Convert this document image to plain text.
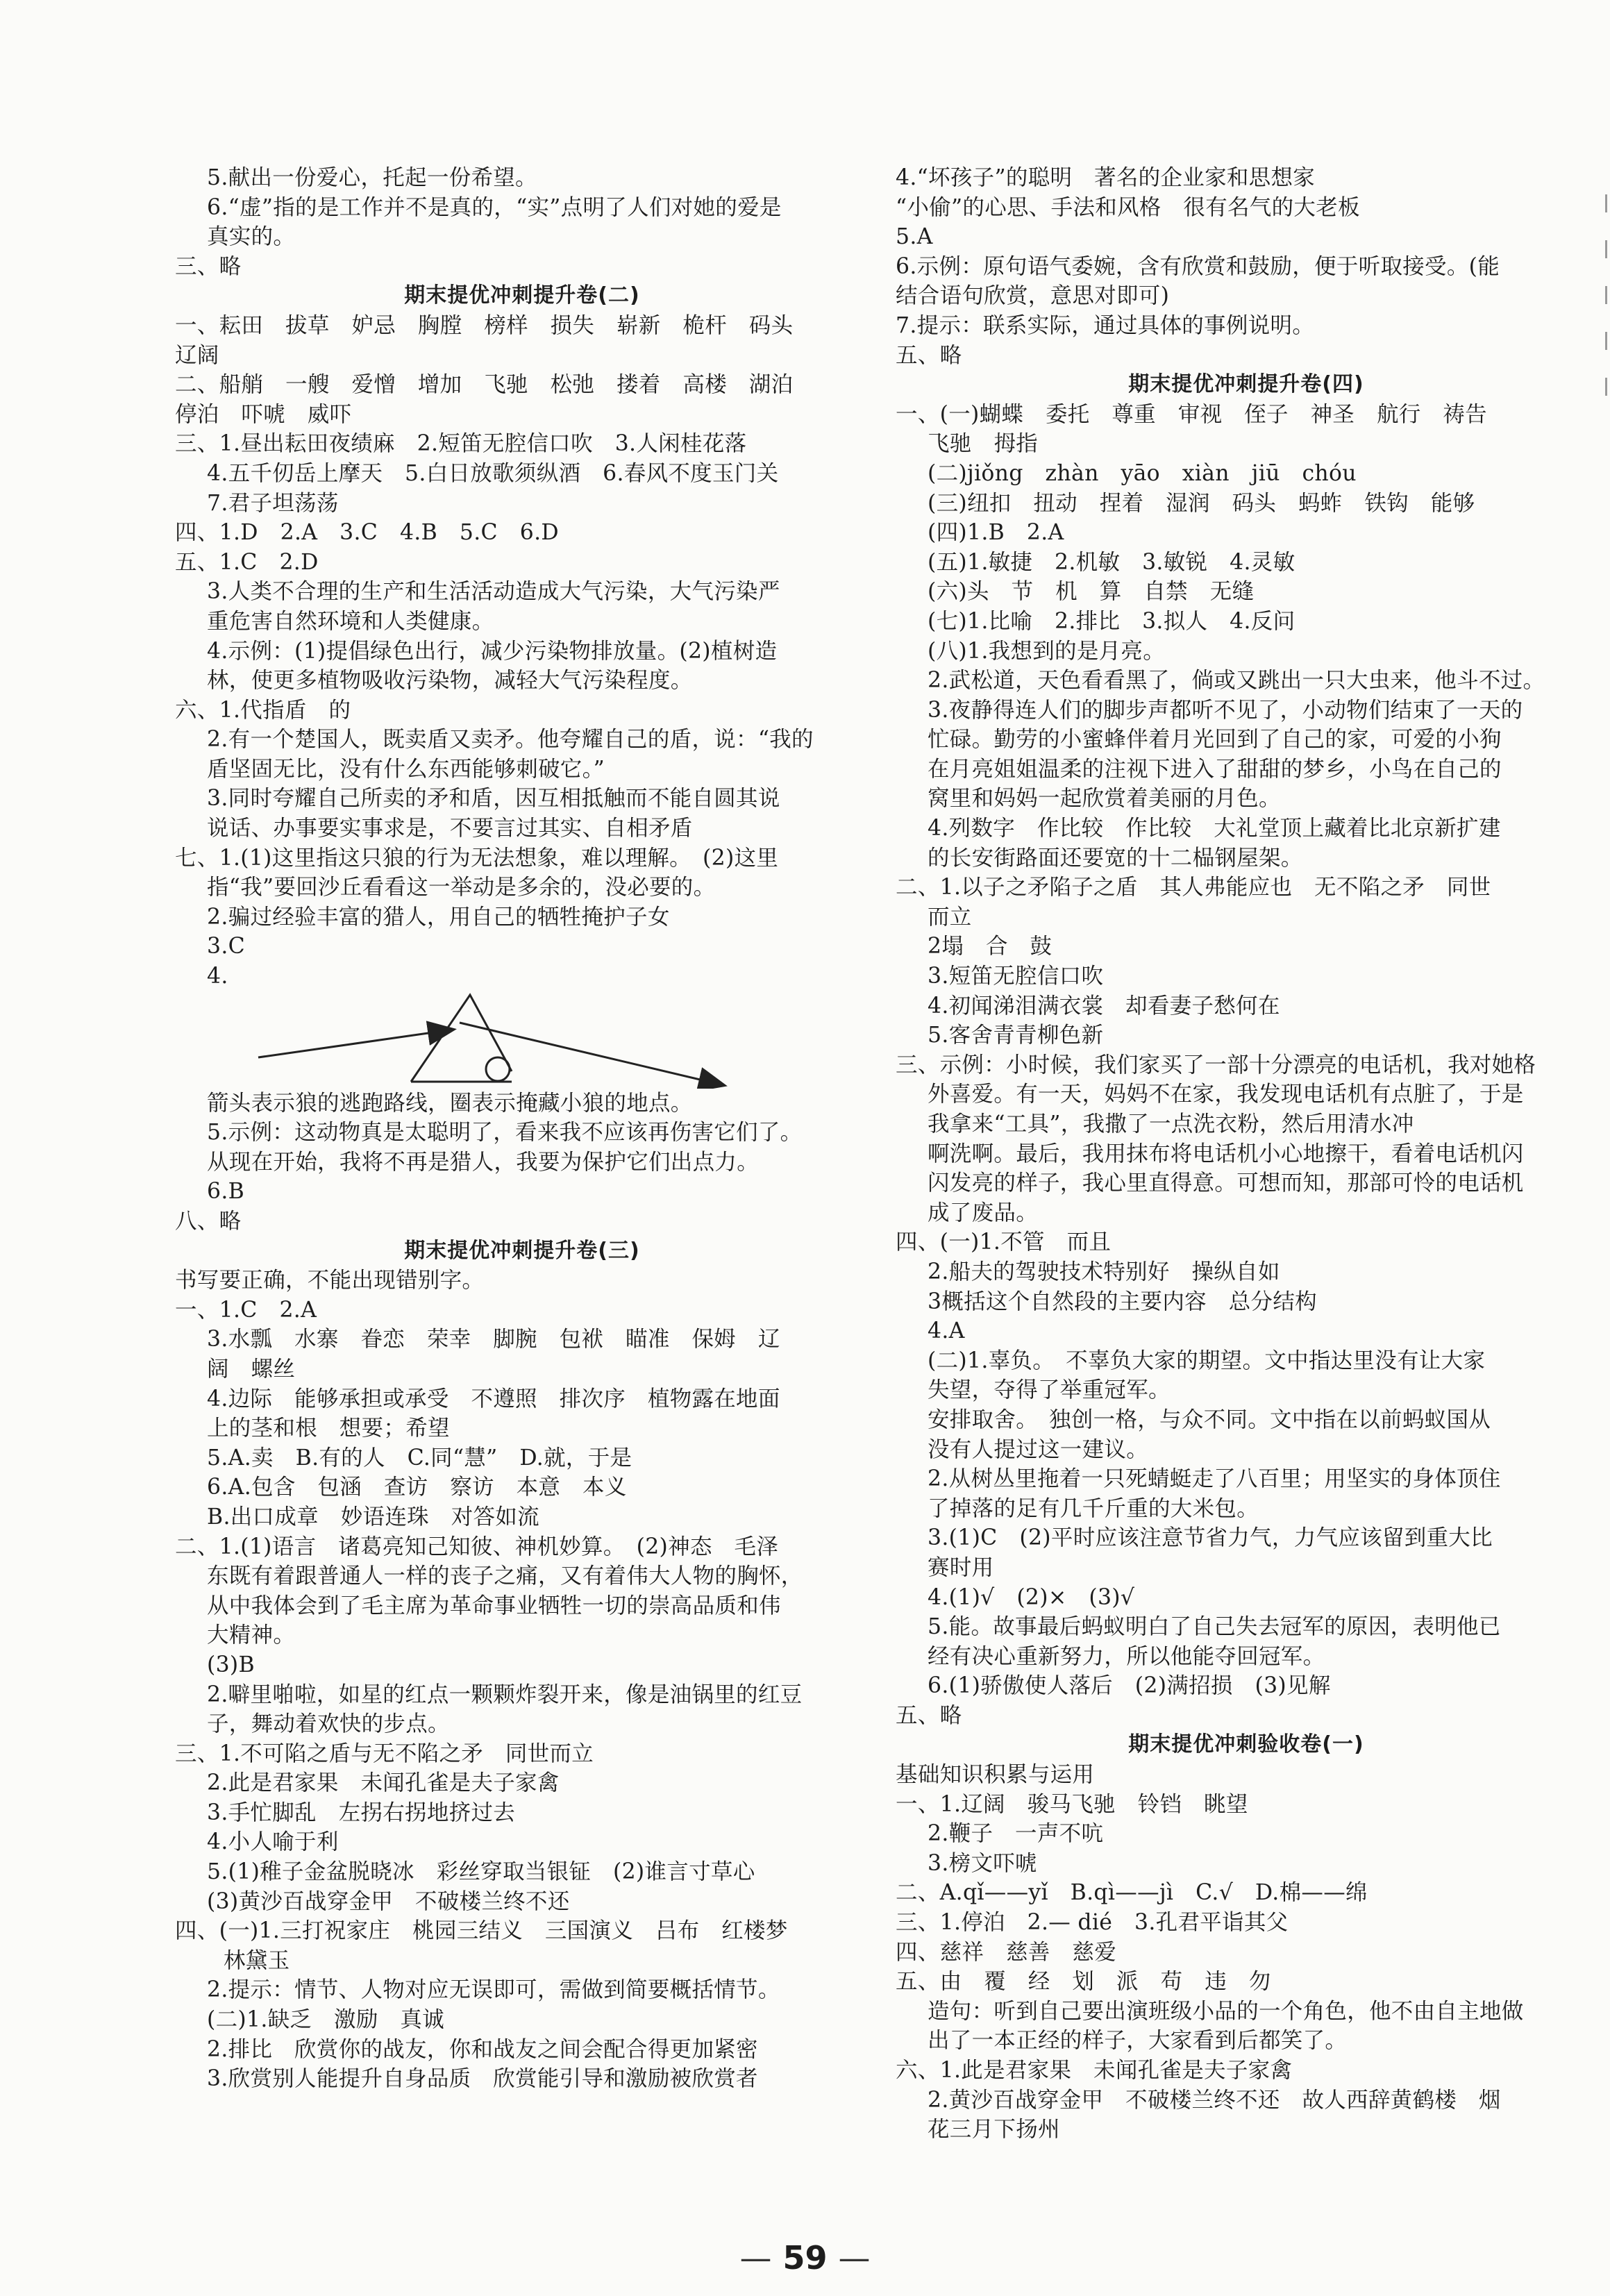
5.献出一份爱心，托起一份希望。
6.“虚”指的是工作并不是真的，“实”点明了人们对她的爱是
真实的。
三、略
期末提优冲刺提升卷(二)
一、耘田　拔草　妒忌　胸膛　榜样　损失　崭新　桅杆　码头
辽阔
二、船艄　一艘　爱憎　增加　飞驰　松弛　搂着　高楼　湖泊
停泊　吓唬　威吓
三、1.昼出耘田夜绩麻　2.短笛无腔信口吹　3.人闲桂花落
4.五千仞岳上摩天　5.白日放歌须纵酒　6.春风不度玉门关
7.君子坦荡荡
四、1.D　2.A　3.C　4.B　5.C　6.D
五、1.C　2.D
3.人类不合理的生产和生活活动造成大气污染，大气污染严
重危害自然环境和人类健康。
4.示例：(1)提倡绿色出行，减少污染物排放量。(2)植树造
林，使更多植物吸收污染物，减轻大气污染程度。
六、1.代指盾　的
2.有一个楚国人，既卖盾又卖矛。他夸耀自己的盾，说：“我的
盾坚固无比，没有什么东西能够刺破它。”
3.同时夸耀自己所卖的矛和盾，因互相抵触而不能自圆其说
说话、办事要实事求是，不要言过其实、自相矛盾
七、1.(1)这里指这只狼的行为无法想象，难以理解。　(2)这里
指“我”要回沙丘看看这一举动是多余的，没必要的。
2.骗过经验丰富的猎人，用自己的牺牲掩护子女
3.C
4.
箭头表示狼的逃跑路线，圈表示掩藏小狼的地点。
5.示例：这动物真是太聪明了，看来我不应该再伤害它们了。
从现在开始，我将不再是猎人，我要为保护它们出点力。
6.B
八、略
期末提优冲刺提升卷(三)
书写要正确，不能出现错别字。
一、1.C　2.A
3.水瓢　水寨　眷恋　荣幸　脚腕　包袱　瞄准　保姆　辽
阔　螺丝
4.边际　能够承担或承受　不遵照　排次序　植物露在地面
上的茎和根　想要；希望
5.A.卖　B.有的人　C.同“慧”　D.就，于是
6.A.包含　包涵　查访　察访　本意　本义
B.出口成章　妙语连珠　对答如流
二、1.(1)语言　诸葛亮知己知彼、神机妙算。　(2)神态　毛泽
东既有着跟普通人一样的丧子之痛，又有着伟大人物的胸怀，
从中我体会到了毛主席为革命事业牺牲一切的崇高品质和伟
大精神。
(3)B
2.噼里啪啦，如星的红点一颗颗炸裂开来，像是油锅里的红豆
子，舞动着欢快的步点。
三、1.不可陷之盾与无不陷之矛　同世而立
2.此是君家果　未闻孔雀是夫子家禽
3.手忙脚乱　左拐右拐地挤过去
4.小人喻于利
5.(1)稚子金盆脱晓冰　彩丝穿取当银钲　(2)谁言寸草心
(3)黄沙百战穿金甲　不破楼兰终不还
四、(一)1.三打祝家庄　桃园三结义　三国演义　吕布　红楼梦
林黛玉
2.提示：情节、人物对应无误即可，需做到简要概括情节。
(二)1.缺乏　激励　真诚
2.排比　欣赏你的战友，你和战友之间会配合得更加紧密
3.欣赏别人能提升自身品质　欣赏能引导和激励被欣赏者
4.“坏孩子”的聪明　著名的企业家和思想家
“小偷”的心思、手法和风格　很有名气的大老板
5.A
6.示例：原句语气委婉，含有欣赏和鼓励，便于听取接受。(能
结合语句欣赏，意思对即可)
7.提示：联系实际，通过具体的事例说明。
五、略
期末提优冲刺提升卷(四)
一、(一)蝴蝶　委托　尊重　审视　侄子　神圣　航行　祷告
飞驰　拇指
(二)jiǒng　zhàn　yāo　xiàn　jiū　chóu
(三)纽扣　扭动　捏着　湿润　码头　蚂蚱　铁钩　能够
(四)1.B　2.A
(五)1.敏捷　2.机敏　3.敏锐　4.灵敏
(六)头　节　机　算　自禁　无缝
(七)1.比喻　2.排比　3.拟人　4.反问
(八)1.我想到的是月亮。
2.武松道，天色看看黑了，倘或又跳出一只大虫来，他斗不过。
3.夜静得连人们的脚步声都听不见了，小动物们结束了一天的
忙碌。勤劳的小蜜蜂伴着月光回到了自己的家，可爱的小狗
在月亮姐姐温柔的注视下进入了甜甜的梦乡，小鸟在自己的
窝里和妈妈一起欣赏着美丽的月色。
4.列数字　作比较　作比较　大礼堂顶上藏着比北京新扩建
的长安街路面还要宽的十二榀钢屋架。
二、1.以子之矛陷子之盾　其人弗能应也　无不陷之矛　同世
而立
2塌　合　鼓
3.短笛无腔信口吹
4.初闻涕泪满衣裳　却看妻子愁何在
5.客舍青青柳色新
三、示例：小时候，我们家买了一部十分漂亮的电话机，我对她格
外喜爱。有一天，妈妈不在家，我发现电话机有点脏了，于是
我拿来“工具”，我撒了一点洗衣粉，然后用清水冲
啊洗啊。最后，我用抹布将电话机小心地擦干，看着电话机闪
闪发亮的样子，我心里直得意。可想而知，那部可怜的电话机
成了废品。
四、(一)1.不管　而且
2.船夫的驾驶技术特别好　操纵自如
3概括这个自然段的主要内容　总分结构
4.A
(二)1.辜负。　不辜负大家的期望。文中指达里没有让大家
失望，夺得了举重冠军。
安排取舍。　独创一格，与众不同。文中指在以前蚂蚁国从
没有人提过这一建议。
2.从树丛里拖着一只死蜻蜓走了八百里；用坚实的身体顶住
了掉落的足有几千斤重的大米包。
3.(1)C　(2)平时应该注意节省力气，力气应该留到重大比
赛时用
4.(1)√　(2)×　(3)√
5.能。故事最后蚂蚁明白了自己失去冠军的原因，表明他已
经有决心重新努力，所以他能夺回冠军。
6.(1)骄傲使人落后　(2)满招损　(3)见解
五、略
期末提优冲刺验收卷(一)
基础知识积累与运用
一、1.辽阔　骏马飞驰　铃铛　眺望
2.鞭子　一声不吭
3.榜文吓唬
二、A.qǐ——yǐ　B.qì——jì　C.√　D.棉——绵
三、1.停泊　2.— dié　3.孔君平诣其父
四、慈祥　慈善　慈爱
五、由　覆　经　划　派　苟　违　勿
造句：听到自己要出演班级小品的一个角色，他不由自主地做
出了一本正经的样子，大家看到后都笑了。
六、1.此是君家果　未闻孔雀是夫子家禽
2.黄沙百战穿金甲　不破楼兰终不还　故人西辞黄鹤楼　烟
花三月下扬州
— 59 —
